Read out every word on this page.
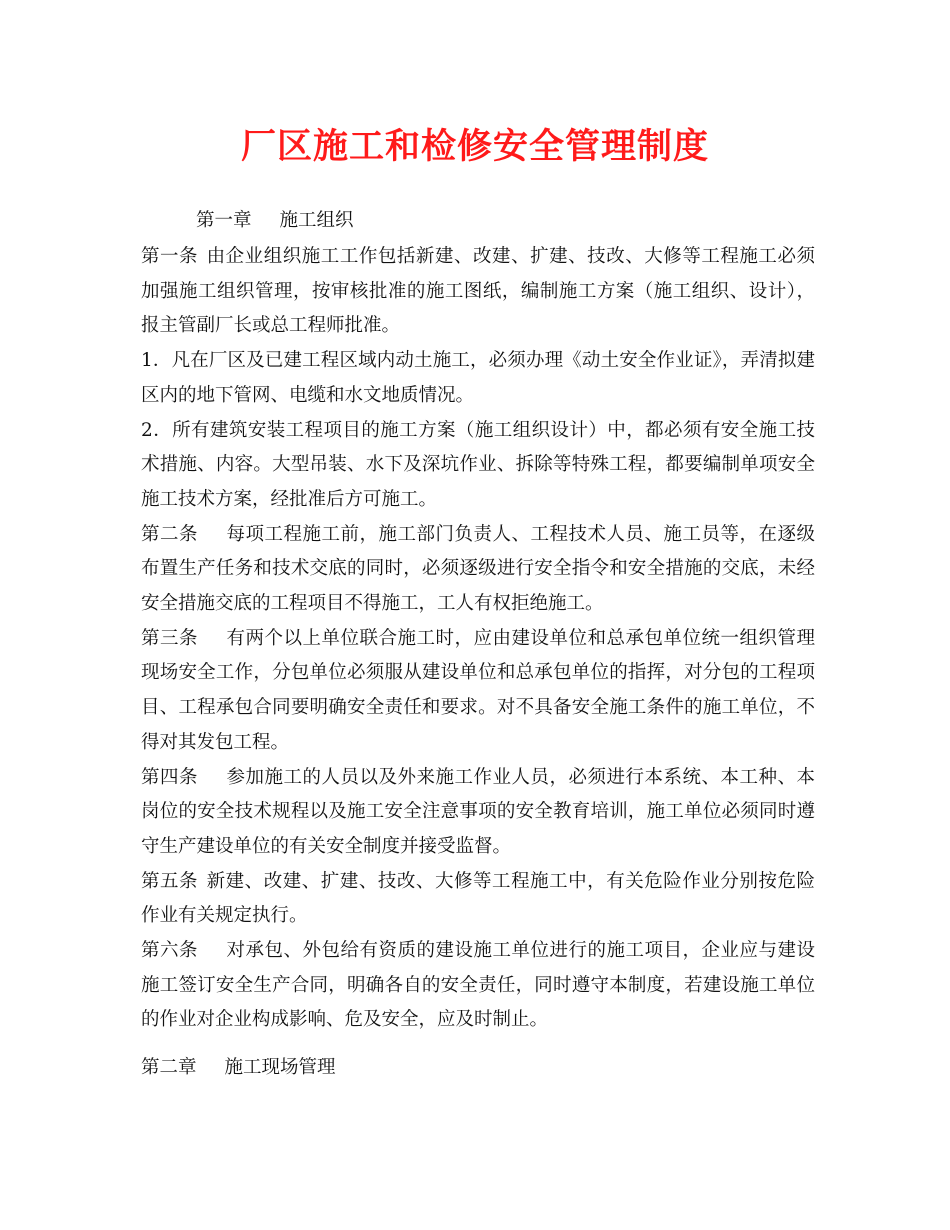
厂区施工和检修安全管理制度
第一章 施工组织

第一条 由企业组织施工工作包括新建、改建、扩建、技改、大修等工程施工必须加强施工组织管理，按审核批准的施工图纸，编制施工方案（施工组织、设计），报主管副厂长或总工程师批准。

1．凡在厂区及已建工程区域内动土施工，必须办理《动土安全作业证》，弄清拟建区内的地下管网、电缆和水文地质情况。

2．所有建筑安装工程项目的施工方案（施工组织设计）中，都必须有安全施工技术措施、内容。大型吊装、水下及深坑作业、拆除等特殊工程，都要编制单项安全施工技术方案，经批准后方可施工。

第二条 每项工程施工前，施工部门负责人、工程技术人员、施工员等，在逐级布置生产任务和技术交底的同时，必须逐级进行安全指令和安全措施的交底，未经安全措施交底的工程项目不得施工，工人有权拒绝施工。

第三条 有两个以上单位联合施工时，应由建设单位和总承包单位统一组织管理现场安全工作，分包单位必须服从建设单位和总承包单位的指挥，对分包的工程项目、工程承包合同要明确安全责任和要求。对不具备安全施工条件的施工单位，不得对其发包工程。

第四条 参加施工的人员以及外来施工作业人员，必须进行本系统、本工种、本岗位的安全技术规程以及施工安全注意事项的安全教育培训，施工单位必须同时遵守生产建设单位的有关安全制度并接受监督。

第五条 新建、改建、扩建、技改、大修等工程施工中，有关危险作业分别按危险作业有关规定执行。

第六条 对承包、外包给有资质的建设施工单位进行的施工项目，企业应与建设施工签订安全生产合同，明确各自的安全责任，同时遵守本制度，若建设施工单位的作业对企业构成影响、危及安全，应及时制止。

第二章 施工现场管理
